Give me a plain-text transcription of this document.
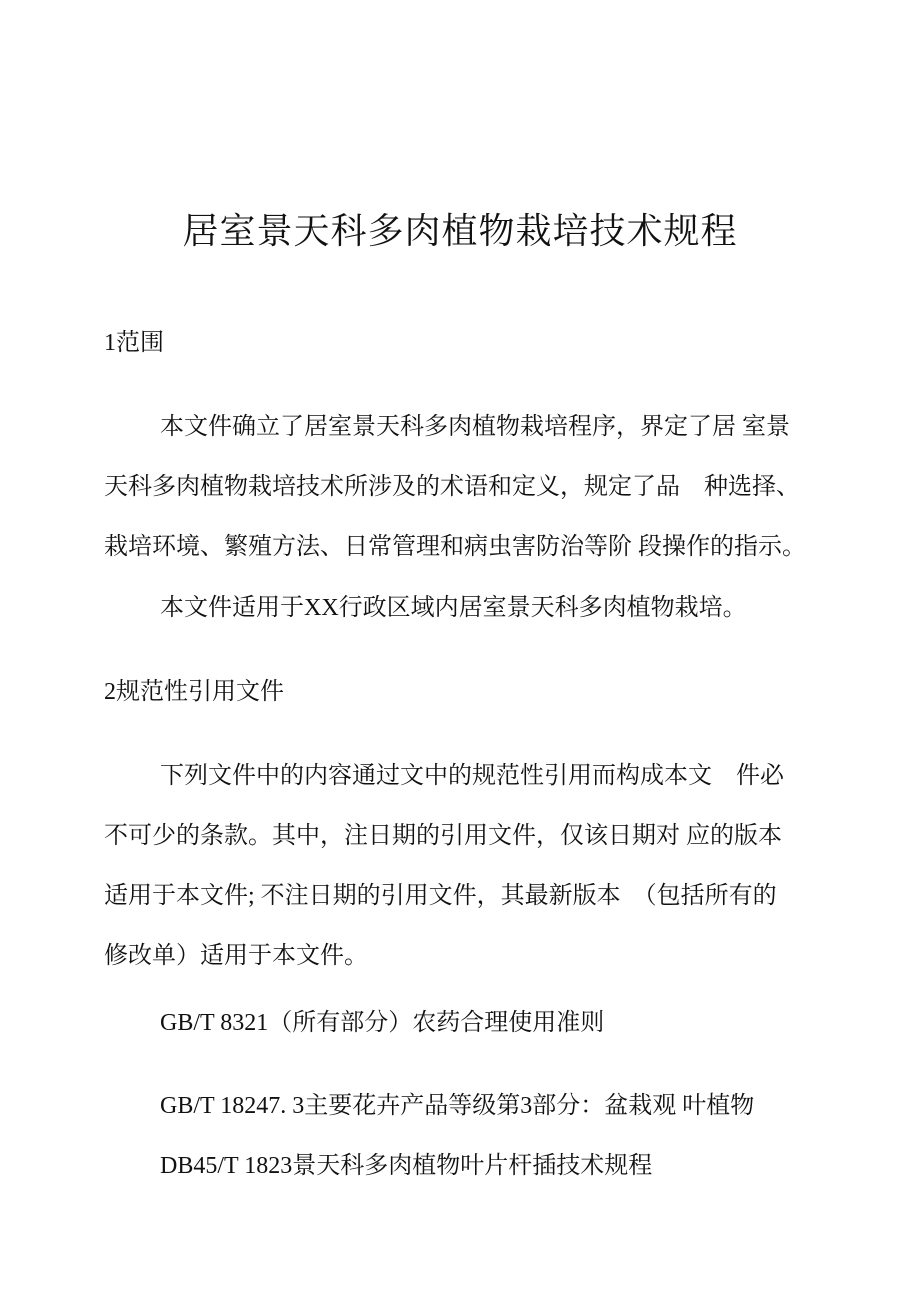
居室景天科多肉植物栽培技术规程
1范围
本文件确立了居室景天科多肉植物栽培程序，界定了居 室景
天科多肉植物栽培技术所涉及的术语和定义，规定了品　种选择、
栽培环境、繁殖方法、日常管理和病虫害防治等阶 段操作的指示。
本文件适用于XX行政区域内居室景天科多肉植物栽培。
2规范性引用文件
下列文件中的内容通过文中的规范性引用而构成本文　件必
不可少的条款。其中，注日期的引用文件，仅该日期对 应的版本
适用于本文件; 不注日期的引用文件，其最新版本　（包括所有的
修改单）适用于本文件。
GB/T 8321（所有部分）农药合理使用准则
GB/T 18247. 3主要花卉产品等级第3部分：盆栽观 叶植物
DB45/T 1823景天科多肉植物叶片杆插技术规程
